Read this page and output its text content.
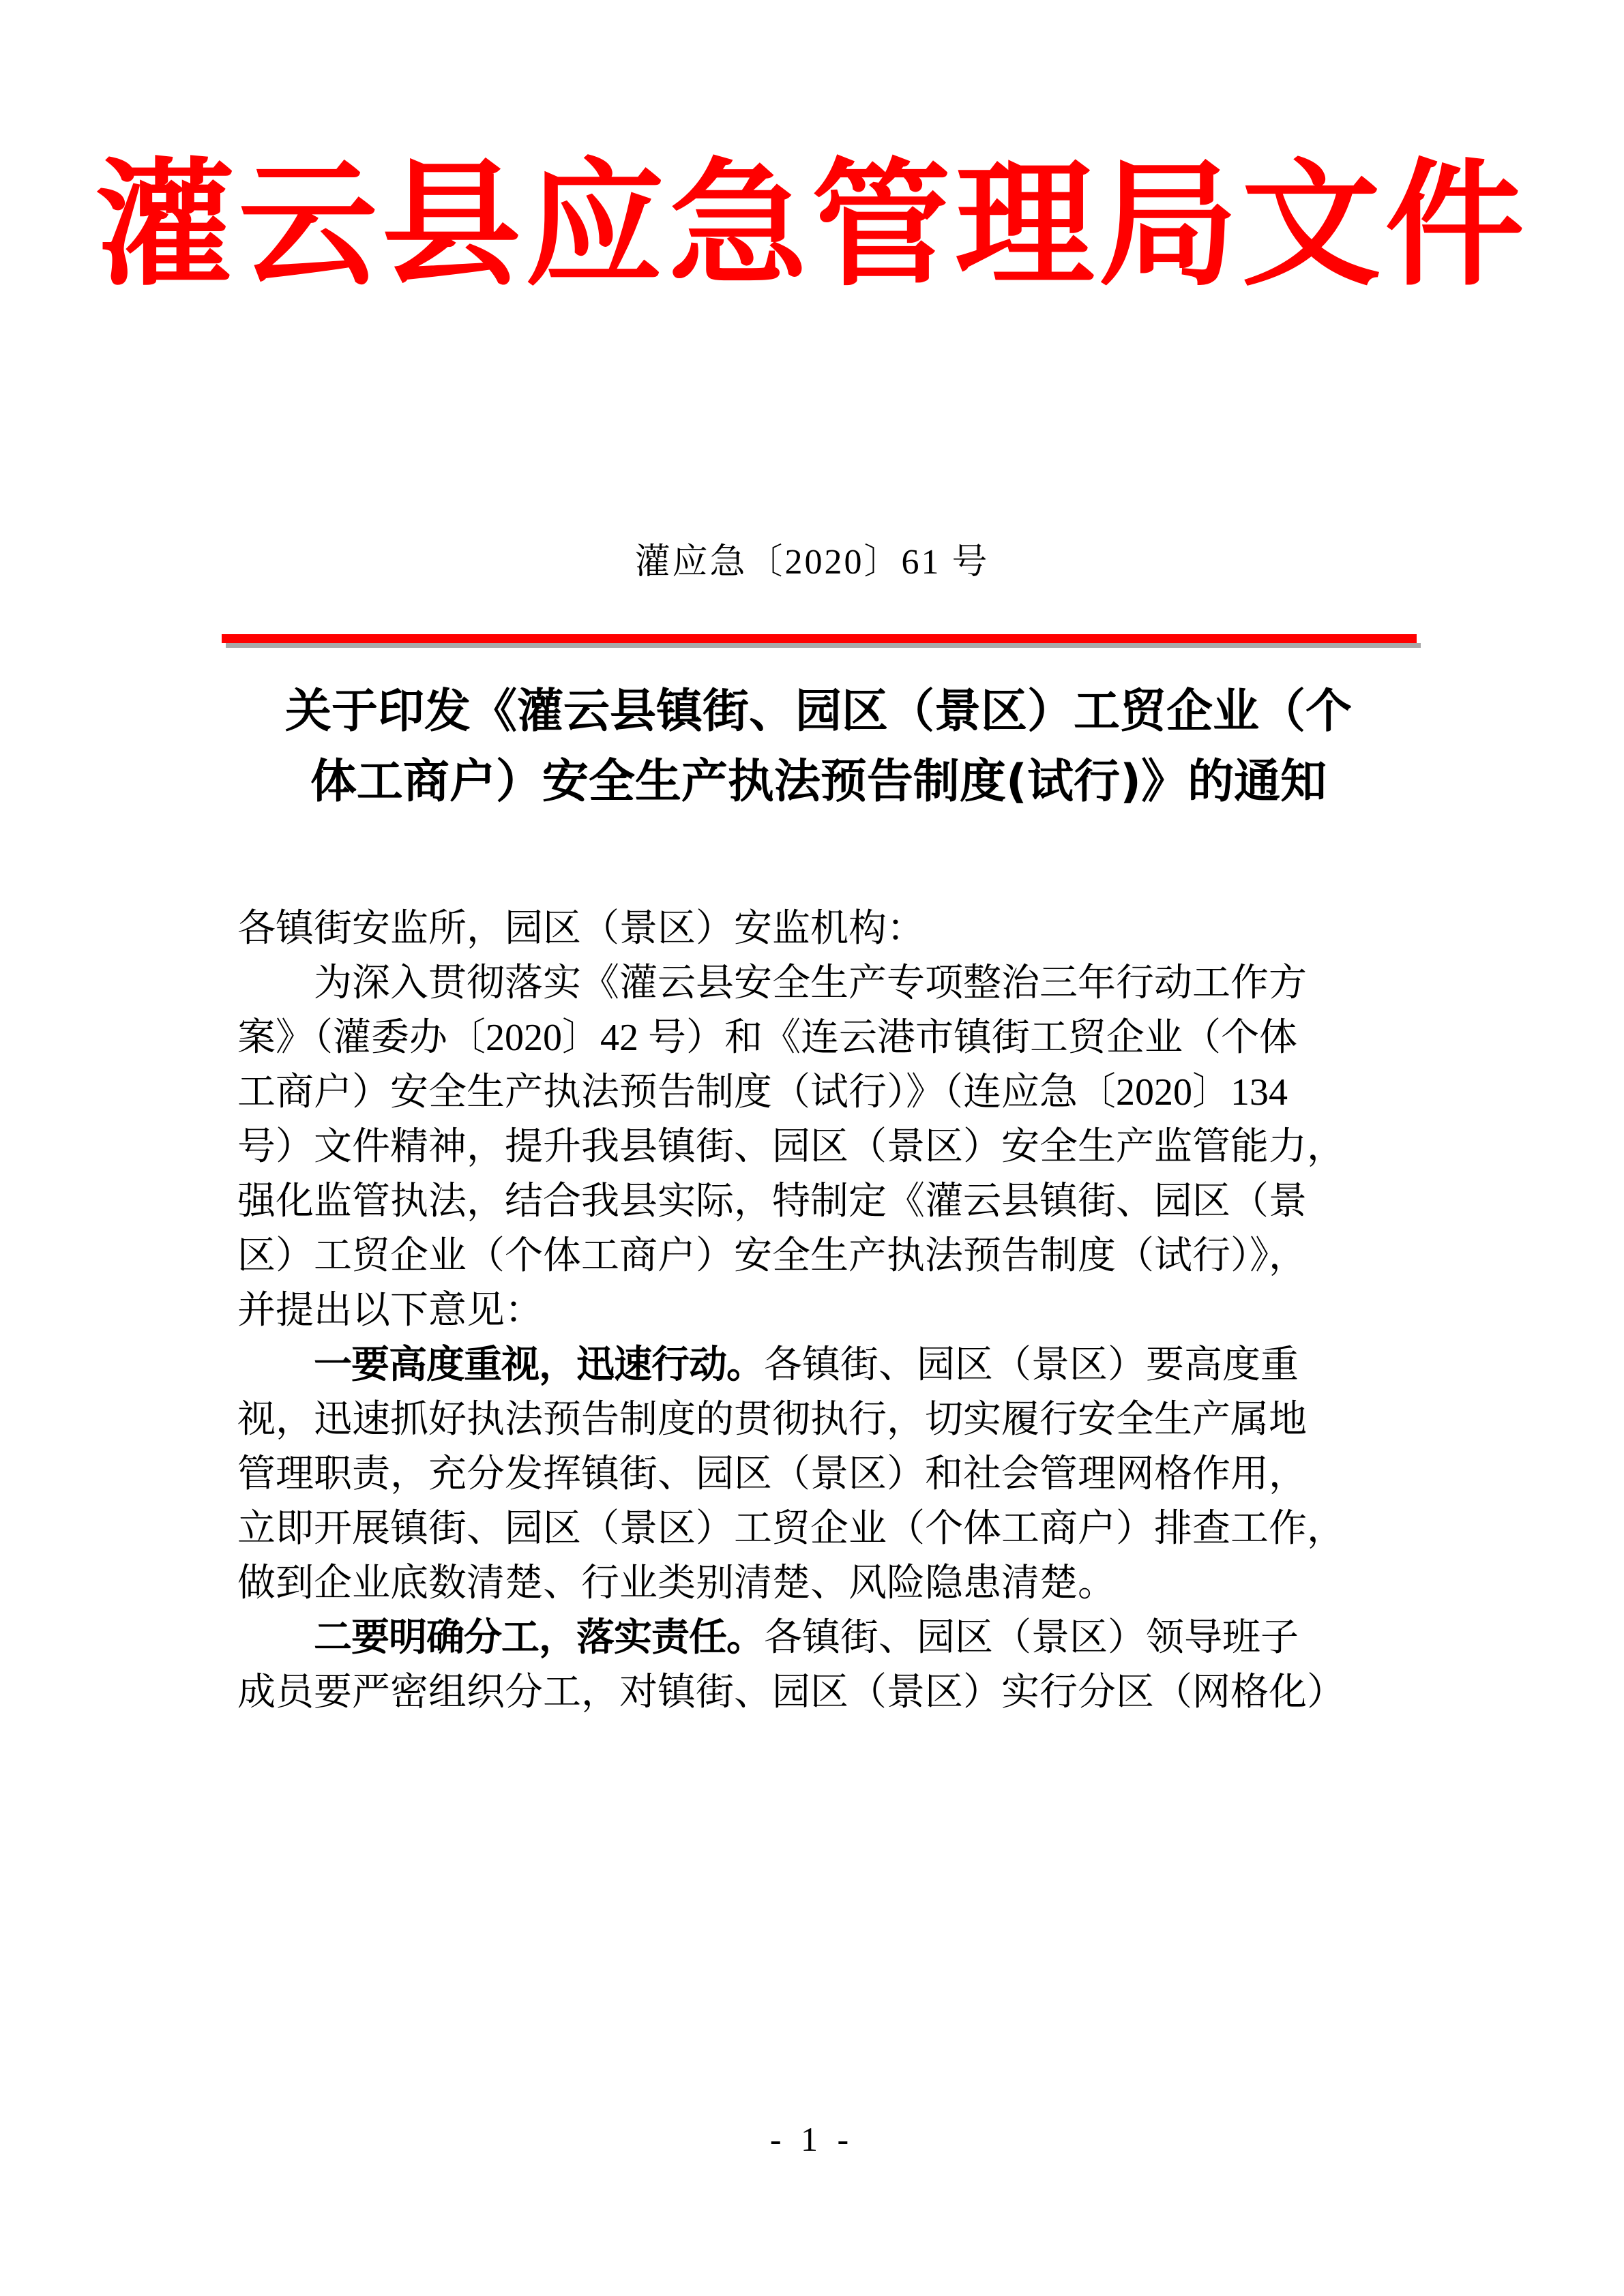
灌云县应急管理局文件
灌应急〔2020〕61 号
关于印发《灌云县镇街、园区（景区）工贸企业（个
体工商户）安全生产执法预告制度(试行)》的通知
各镇街安监所，园区（景区）安监机构：
为深入贯彻落实《灌云县安全生产专项整治三年行动工作方
案》（灌委办〔2020〕42 号）和《连云港市镇街工贸企业（个体
工商户）安全生产执法预告制度（试行）》（连应急〔2020〕134
号）文件精神，提升我县镇街、园区（景区）安全生产监管能力，
强化监管执法，结合我县实际，特制定《灌云县镇街、园区（景
区）工贸企业（个体工商户）安全生产执法预告制度（试行）》，
并提出以下意见：
一要高度重视，迅速行动。各镇街、园区（景区）要高度重
视，迅速抓好执法预告制度的贯彻执行，切实履行安全生产属地
管理职责，充分发挥镇街、园区（景区）和社会管理网格作用，
立即开展镇街、园区（景区）工贸企业（个体工商户）排查工作，
做到企业底数清楚、行业类别清楚、风险隐患清楚。
二要明确分工，落实责任。各镇街、园区（景区）领导班子
成员要严密组织分工，对镇街、园区（景区）实行分区（网格化）
- 1 -
